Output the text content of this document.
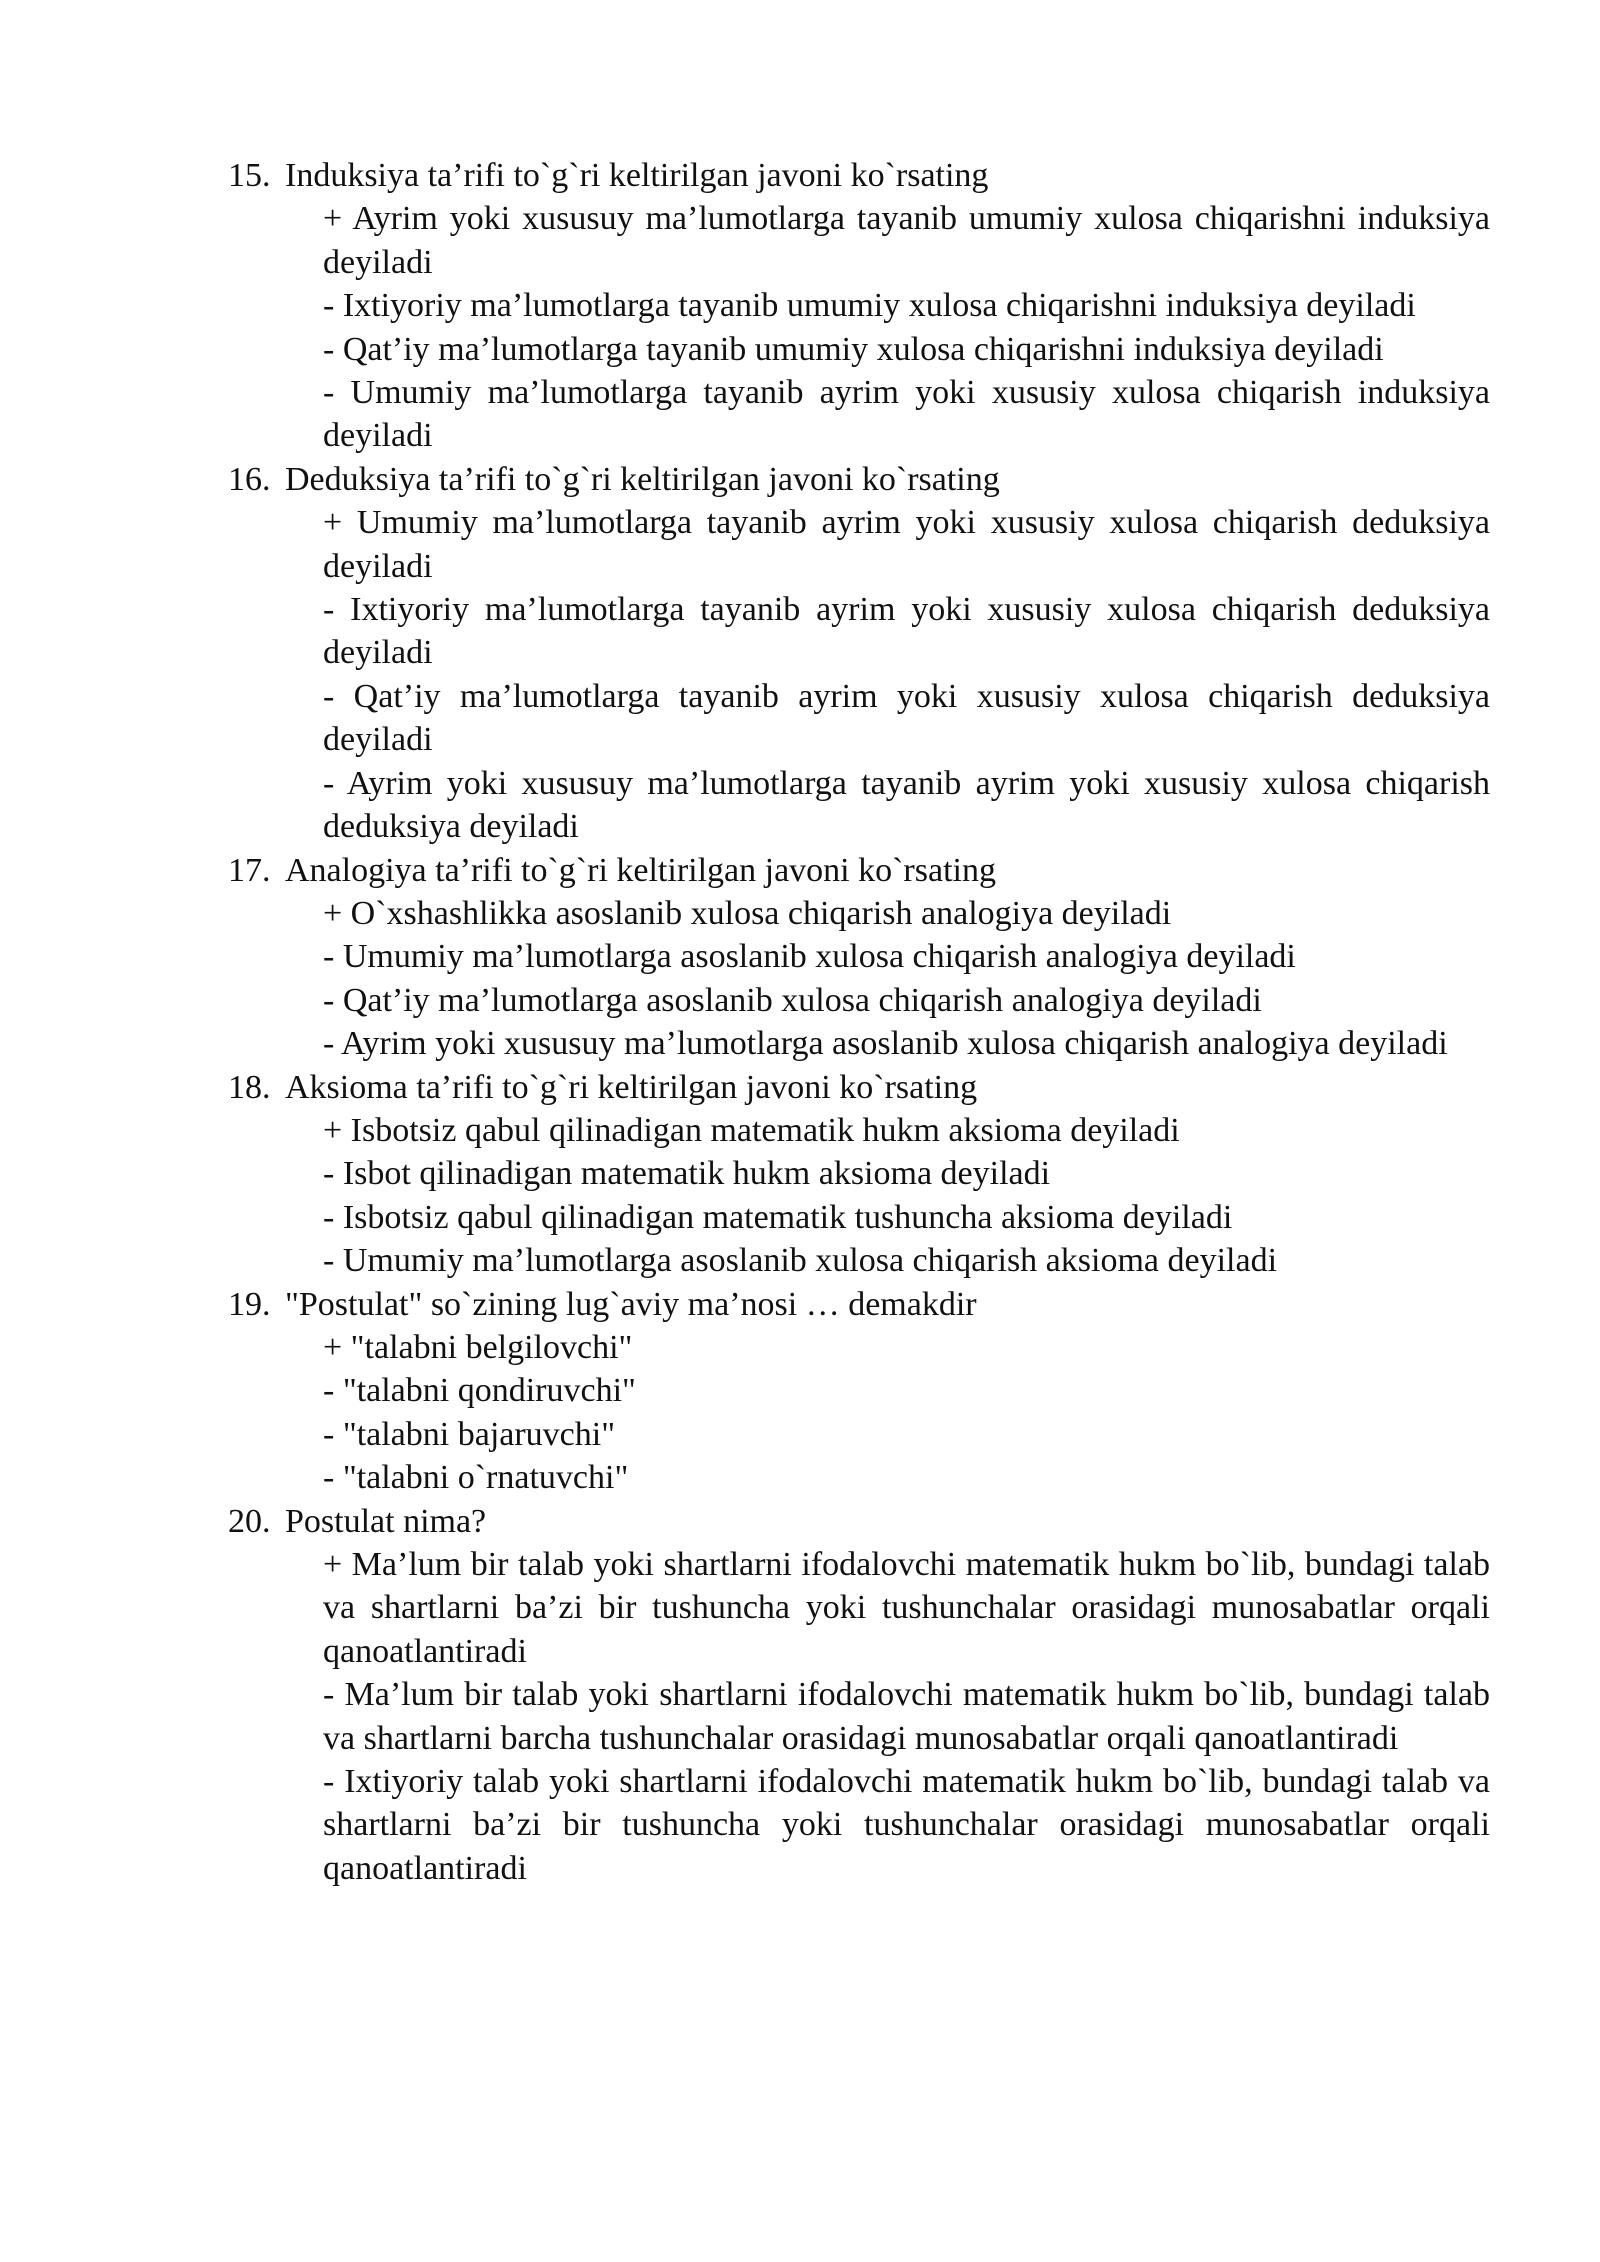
15. Induksiya ta’rifi to`g`ri keltirilgan javoni ko`rsating
+ Ayrim yoki xususuy ma’lumotlarga tayanib umumiy xulosa chiqarishni induksiya deyiladi
- Ixtiyoriy ma’lumotlarga tayanib umumiy xulosa chiqarishni induksiya deyiladi
- Qat’iy ma’lumotlarga tayanib umumiy xulosa chiqarishni induksiya deyiladi
- Umumiy ma’lumotlarga tayanib ayrim yoki xususiy xulosa chiqarish induksiya deyiladi
16. Deduksiya ta’rifi to`g`ri keltirilgan javoni ko`rsating
+ Umumiy ma’lumotlarga tayanib ayrim yoki xususiy xulosa chiqarish deduksiya deyiladi
- Ixtiyoriy ma’lumotlarga tayanib ayrim yoki xususiy xulosa chiqarish deduksiya deyiladi
- Qat’iy ma’lumotlarga tayanib ayrim yoki xususiy xulosa chiqarish deduksiya deyiladi
- Ayrim yoki xususuy ma’lumotlarga tayanib ayrim yoki xususiy xulosa chiqarish deduksiya deyiladi
17. Analogiya ta’rifi to`g`ri keltirilgan javoni ko`rsating
+ O`xshashlikka asoslanib xulosa chiqarish analogiya deyiladi
- Umumiy ma’lumotlarga asoslanib xulosa chiqarish analogiya deyiladi
- Qat’iy ma’lumotlarga asoslanib xulosa chiqarish analogiya deyiladi
- Ayrim yoki xususuy ma’lumotlarga asoslanib xulosa chiqarish analogiya deyiladi
18. Aksioma ta’rifi to`g`ri keltirilgan javoni ko`rsating
+ Isbotsiz qabul qilinadigan matematik hukm aksioma deyiladi
- Isbot qilinadigan matematik hukm aksioma deyiladi
- Isbotsiz qabul qilinadigan matematik tushuncha aksioma deyiladi
- Umumiy ma’lumotlarga asoslanib xulosa chiqarish aksioma deyiladi
19. "Postulat" so`zining lug`aviy ma’nosi … demakdir
+ "talabni belgilovchi"
- "talabni qondiruvchi"
- "talabni bajaruvchi"
- "talabni o`rnatuvchi"
20. Postulat nima?
+ Ma’lum bir talab yoki shartlarni ifodalovchi matematik hukm bo`lib, bundagi talab va shartlarni ba’zi bir tushuncha yoki tushunchalar orasidagi munosabatlar orqali qanoatlantiradi
- Ma’lum bir talab yoki shartlarni ifodalovchi matematik hukm bo`lib, bundagi talab va shartlarni barcha tushunchalar orasidagi munosabatlar orqali qanoatlantiradi
- Ixtiyoriy talab yoki shartlarni ifodalovchi matematik hukm bo`lib, bundagi talab va shartlarni ba’zi bir tushuncha yoki tushunchalar orasidagi munosabatlar orqali qanoatlantiradi
